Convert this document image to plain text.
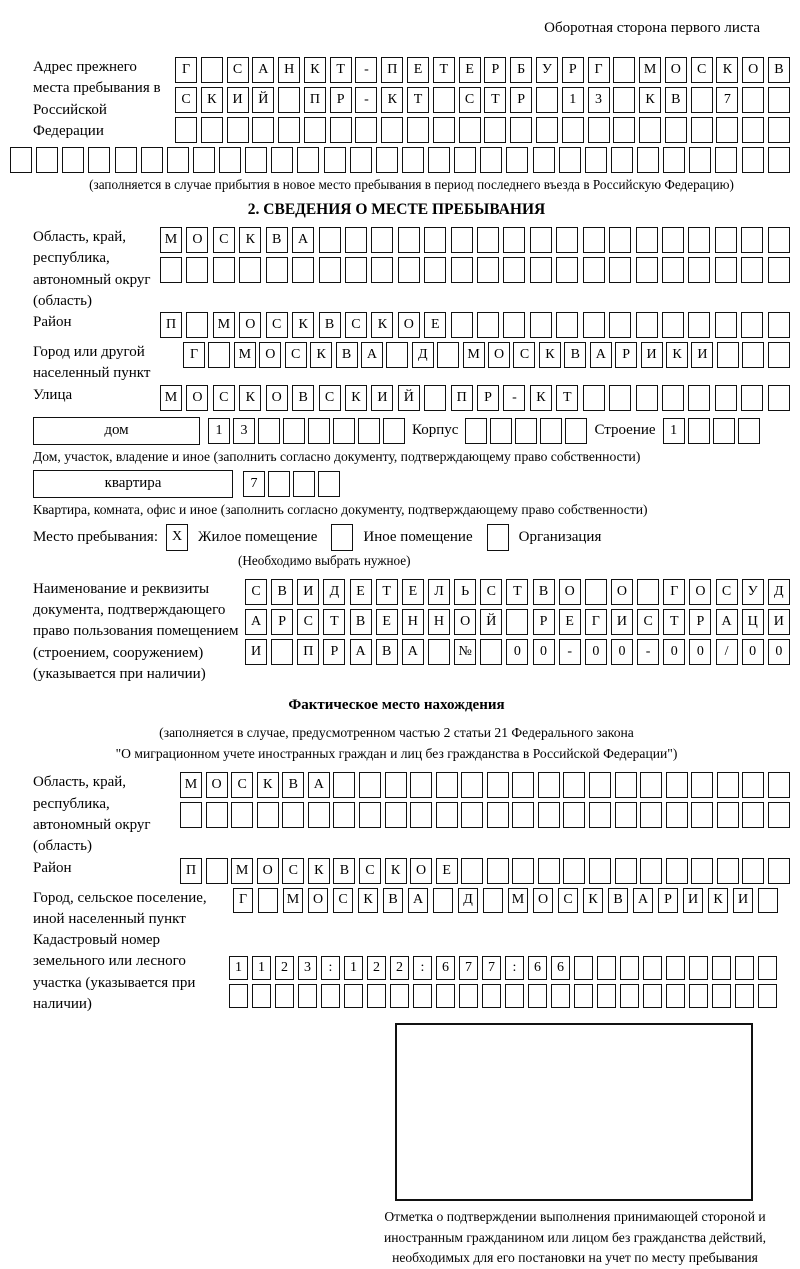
Оборотная сторона первого листа
Адрес прежнего места пребывания в Российской Федерации
Г	С	А	Н	К	Т	-	П	Е	Т	Е	Р	Б	У	Р	Г	М	О	С	К	О	В
С	К	И	Й	П	Р	-	К	Т	С	Т	Р	1	3	К	В	7
(заполняется в случае прибытия в новое место пребывания в период последнего въезда в Российскую Федерацию)
2. СВЕДЕНИЯ О МЕСТЕ ПРЕБЫВАНИЯ
Область, край, республика, автономный округ (область)
М	О	С	К	В	А
Район	П	М	О	С	К	В	С	К	О	Е
Город или другой населенный пункт
Г	М	О	С	К	В	А	Д	М	О	С	К	В	А	Р	И	К	И
Улица	М	О	С	К	О	В	С	К	И	Й	П	Р	-	К	Т
дом	1	3	Корпус	Строение	1
Дом, участок, владение и иное (заполнить согласно документу, подтверждающему право собственности)
квартира	7
Квартира, комната, офис и иное (заполнить согласно документу, подтверждающему право собственности)
Место пребывания: X	Жилое помещение	Иное помещение	Организация
(Необходимо выбрать нужное)
Наименование и реквизиты документа, подтверждающего право пользования помещением (строением, сооружением) (указывается при наличии)
С	В	И	Д	Е	Т	Е	Л	Ь	С	Т	В	О	О	Г	О	С	У	Д
А	Р	С	Т	В	Е	Н	Н	О	Й	Р	Е	Г	И	С	Т	Р	А	Ц	И
И	П	Р	А	В	А	№	0	0	-	0	0	-	0	0	/	0	0
Фактическое место нахождения
(заполняется в случае, предусмотренном частью 2 статьи 21 Федерального закона
"О миграционном учете иностранных граждан и лиц без гражданства в Российской Федерации")
Область, край, республика, автономный округ (область)
М	О	С	К	В	А
Район	П	М	О	С	К	В	С	К	О	Е
Город, сельское поселение, иной населенный пункт
Г	М О	С	К	В	А	Д	М О	С	К	В	А	Р	И	К	И
Кадастровый номер земельного или лесного участка (указывается при наличии)
1	1	2	3	:	1	2	2	:	6	7	7	:	6	6
Отметка о подтверждении выполнения принимающей стороной и иностранным гражданином или лицом без гражданства действий, необходимых для его постановки на учет по месту пребывания
